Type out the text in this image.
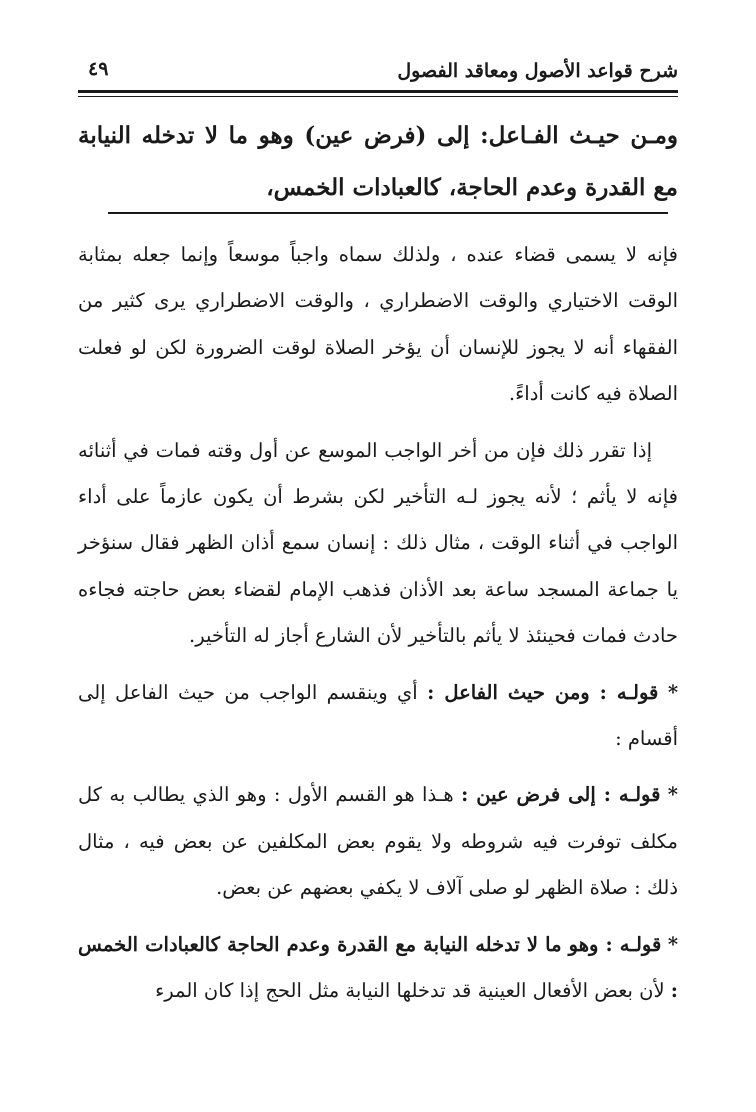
شرح قواعد الأصول ومعاقد الفصول
٤٩
ومـن حيـث الفـاعل: إلى (فرض عين) وهو ما لا تدخله النيابة مع القدرة وعدم الحاجة، كالعبادات الخمس،

فإنه لا يسمى قضاء عنده ، ولذلك سماه واجباً موسعاً وإنما جعله بمثابة الوقت الاختياري والوقت الاضطراري ، والوقت الاضطراري يرى كثير من الفقهاء أنه لا يجوز للإنسان أن يؤخر الصلاة لوقت الضرورة لكن لو فعلت الصلاة فيه كانت أداءً.

إذا تقرر ذلك فإن من أخر الواجب الموسع عن أول وقته فمات في أثنائه فإنه لا يأثم ؛ لأنه يجوز لـه التأخير لكن بشرط أن يكون عازماً على أداء الواجب في أثناء الوقت ، مثال ذلك : إنسان سمع أذان الظهر فقال سنؤخر يا جماعة المسجد ساعة بعد الأذان فذهب الإمام لقضاء بعض حاجته فجاءه حادث فمات فحينئذ لا يأثم بالتأخير لأن الشارع أجاز له التأخير.

* قولـه : ومن حيث الفاعل : أي وينقسم الواجب من حيث الفاعل إلى أقسام :

* قولـه : إلى فرض عين : هـذا هو القسم الأول : وهو الذي يطالب به كل مكلف توفرت فيه شروطه ولا يقوم بعض المكلفين عن بعض فيه ، مثال ذلك : صلاة الظهر لو صلى آلاف لا يكفي بعضهم عن بعض.

* قولـه : وهو ما لا تدخله النيابة مع القدرة وعدم الحاجة كالعبادات الخمس : لأن بعض الأفعال العينية قد تدخلها النيابة مثل الحج إذا كان المرء
